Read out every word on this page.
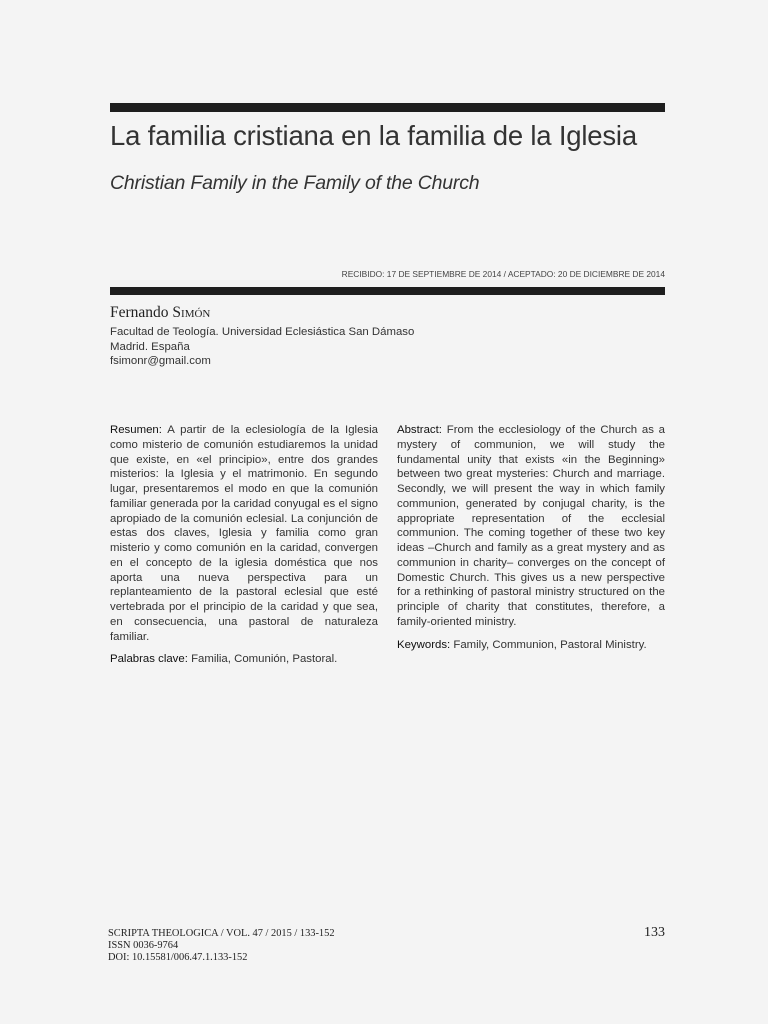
La familia cristiana en la familia de la Iglesia
Christian Family in the Family of the Church
RECIBIDO: 17 DE SEPTIEMBRE DE 2014 / ACEPTADO: 20 DE DICIEMBRE DE 2014
Fernando Simón
Facultad de Teología. Universidad Eclesiástica San Dámaso
Madrid. España
fsimonr@gmail.com

Resumen: A partir de la eclesiología de la Iglesia como misterio de comunión estudiaremos la unidad que existe, en «el principio», entre dos grandes misterios: la Iglesia y el matrimonio. En segundo lugar, presentaremos el modo en que la comunión familiar generada por la caridad conyugal es el signo apropiado de la comunión eclesial. La conjunción de estas dos claves, Iglesia y familia como gran misterio y como comunión en la caridad, convergen en el concepto de la iglesia doméstica que nos aporta una nueva perspectiva para un replanteamiento de la pastoral eclesial que esté vertebrada por el principio de la caridad y que sea, en consecuencia, una pastoral de naturaleza familiar.

Palabras clave: Familia, Comunión, Pastoral.

Abstract: From the ecclesiology of the Church as a mystery of communion, we will study the fundamental unity that exists «in the Beginning» between two great mysteries: Church and marriage. Secondly, we will present the way in which family communion, generated by conjugal charity, is the appropriate representation of the ecclesial communion. The coming together of these two key ideas –Church and family as a great mystery and as communion in charity– converges on the concept of Domestic Church. This gives us a new perspective for a rethinking of pastoral ministry structured on the principle of charity that constitutes, therefore, a family-oriented ministry.

Keywords: Family, Communion, Pastoral Ministry.

SCRIPTA THEOLOGICA / VOL. 47 / 2015 / 133-152
ISSN 0036-9764
DOI: 10.15581/006.47.1.133-152
133
